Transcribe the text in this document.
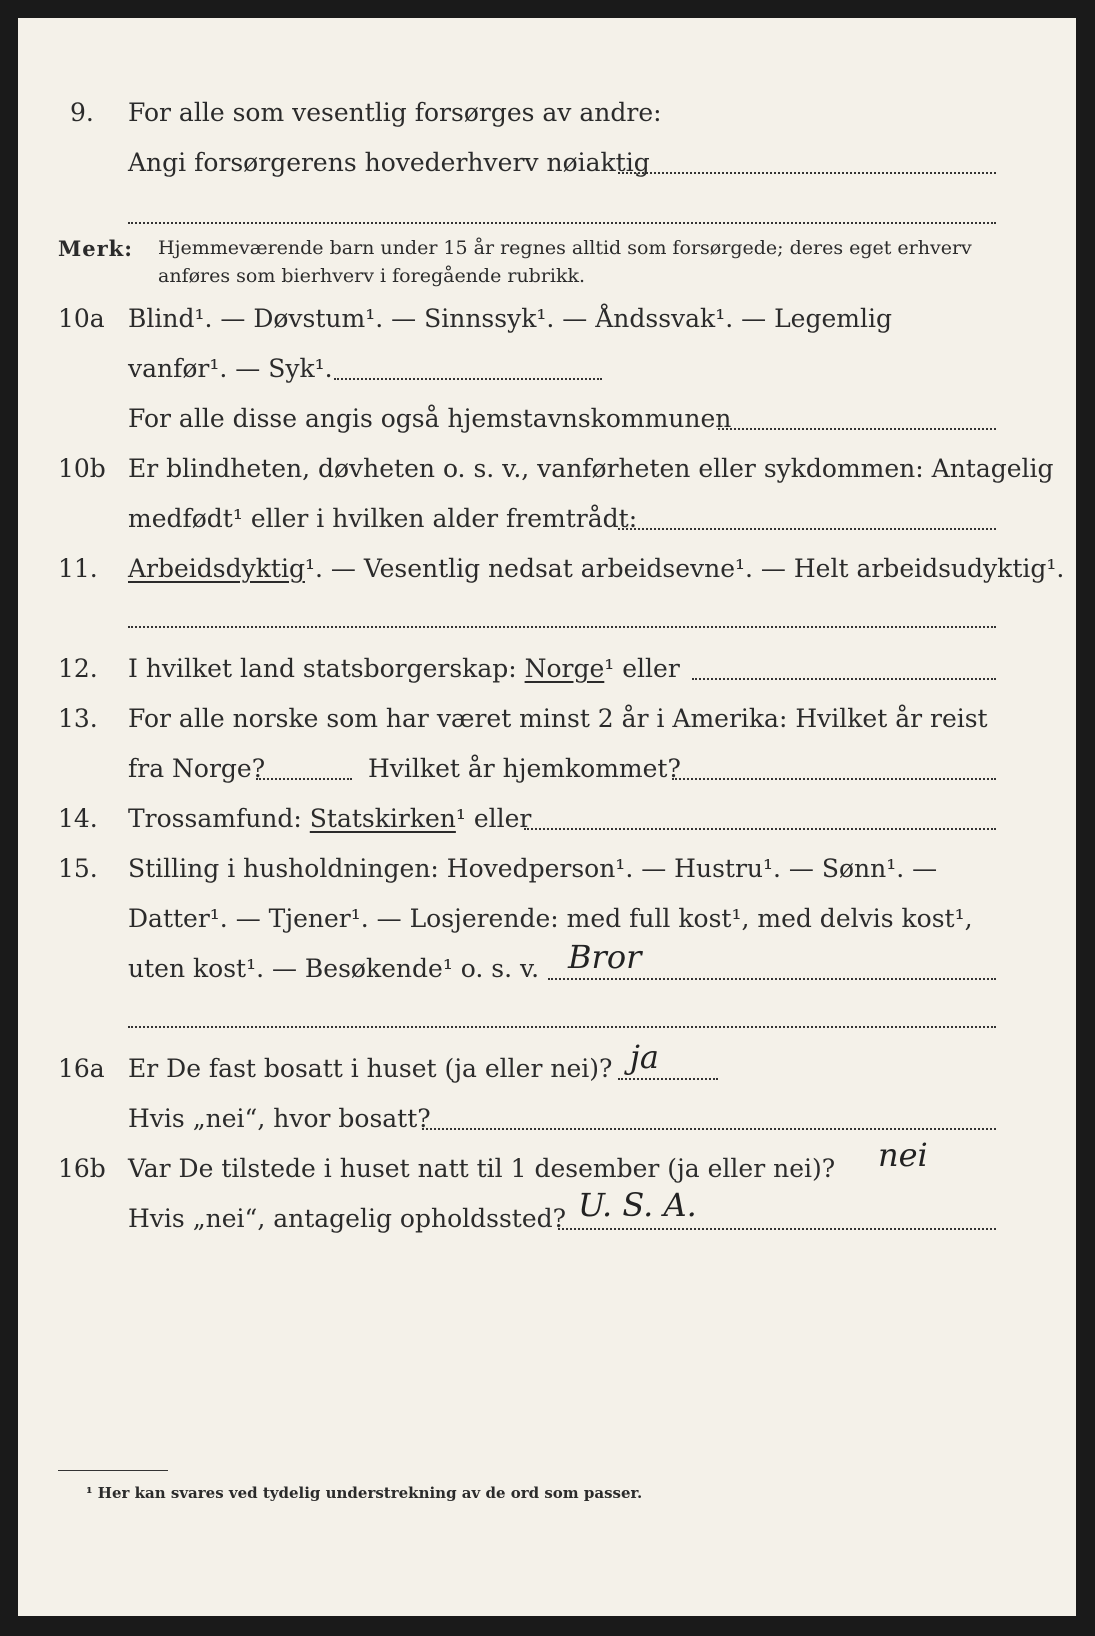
9. For alle som vesentlig forsørges av andre:
Angi forsørgerens hovederhverv nøiaktig
Merk: Hjemmeværende barn under 15 år regnes alltid som forsørgede; deres eget erhverv
anføres som bierhverv i foregående rubrikk.
10a Blind¹. — Døvstum¹. — Sinnssyk¹. — Åndssvak¹. — Legemlig
vanfør¹. — Syk¹.
For alle disse angis også hjemstavnskommunen
10b Er blindheten, døvheten o. s. v., vanførheten eller sykdommen: Antagelig
medfødt¹ eller i hvilken alder fremtrådt:
11. Arbeidsdyktig¹. — Vesentlig nedsat arbeidsevne¹. — Helt arbeidsudyktig¹.
12. I hvilket land statsborgerskap: Norge¹ eller
13. For alle norske som har været minst 2 år i Amerika: Hvilket år reist
fra Norge?	Hvilket år hjemkommet?
14. Trossamfund: Statskirken¹ eller
15. Stilling i husholdningen: Hovedperson¹. — Hustru¹. — Sønn¹. —
Datter¹. — Tjener¹. — Losjerende: med full kost¹, med delvis kost¹,
uten kost¹. — Besøkende¹ o. s. v. Bror
16a Er De fast bosatt i huset (ja eller nei)? ja
Hvis „nei“, hvor bosatt?
16b Var De tilstede i huset natt til 1 desember (ja eller nei)? nei
Hvis „nei“, antagelig opholdssted? U. S. A.
¹ Her kan svares ved tydelig understrekning av de ord som passer.
